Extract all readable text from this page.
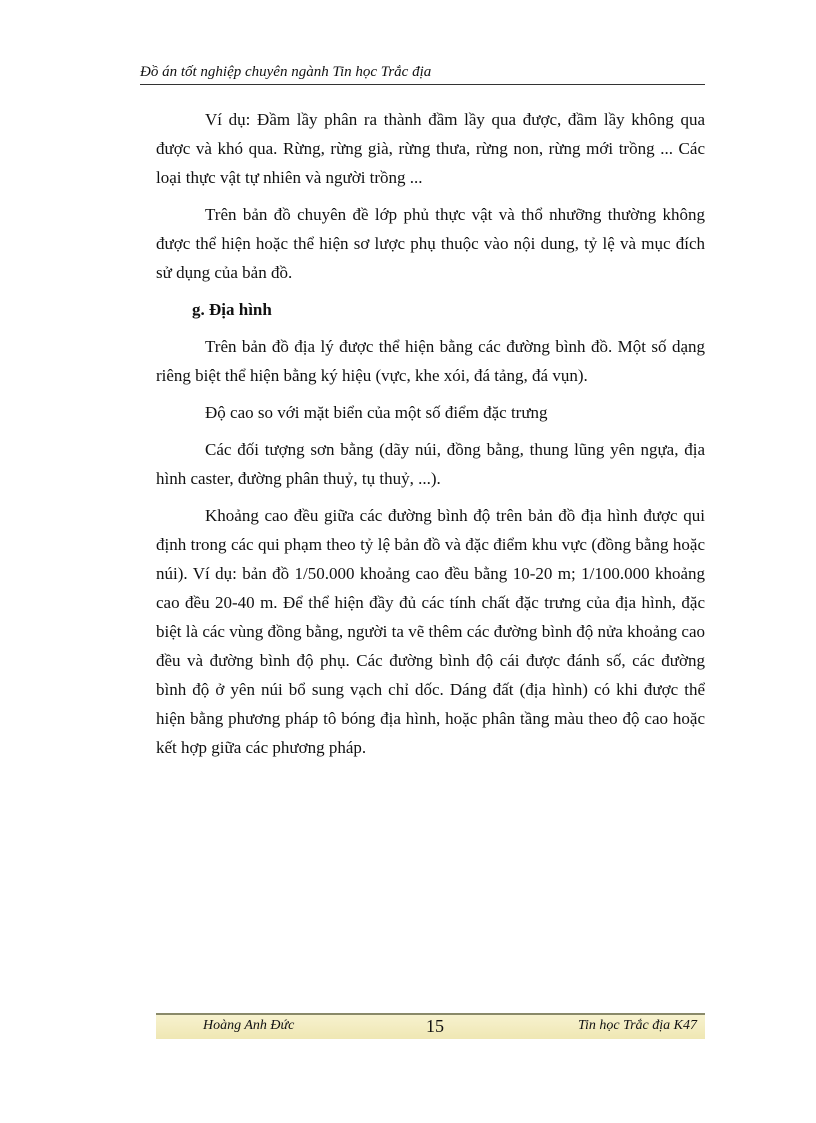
Đồ án tốt nghiệp chuyên ngành Tin học Trắc địa

Ví dụ: Đầm lầy phân ra thành đầm lầy qua được, đầm lầy không qua được và khó qua. Rừng, rừng già, rừng thưa, rừng non, rừng mới trồng ... Các loại thực vật tự nhiên và người trồng ...

Trên bản đồ chuyên đề lớp phủ thực vật và thổ nhưỡng thường không được thể hiện hoặc thể hiện sơ lược phụ thuộc vào nội dung, tỷ lệ và mục đích sử dụng của bản đồ.

g. Địa hình

Trên bản đồ địa lý được thể hiện bằng các đường bình đồ. Một số dạng riêng biệt thể hiện bằng ký hiệu (vực, khe xói, đá tảng, đá vụn).

Độ cao so với mặt biển của một số điểm đặc trưng

Các đối tượng sơn bằng (dãy núi, đồng bằng, thung lũng yên ngựa, địa hình caster, đường phân thuỷ, tụ thuỷ, ...).

Khoảng cao đều giữa các đường bình độ trên bản đồ địa hình được qui định trong các qui phạm theo tỷ lệ bản đồ và đặc điểm khu vực (đồng bằng hoặc núi). Ví dụ: bản đồ 1/50.000 khoảng cao đều bằng 10-20 m; 1/100.000 khoảng cao đều 20-40 m. Để thể hiện đầy đủ các tính chất đặc trưng của địa hình, đặc biệt là các vùng đồng bằng, người ta vẽ thêm các đường bình độ nửa khoảng cao đều và đường bình độ phụ. Các đường bình độ cái được đánh số, các đường bình độ ở yên núi bổ sung vạch chỉ dốc. Dáng đất (địa hình) có khi được thể hiện bằng phương pháp tô bóng địa hình, hoặc phân tầng màu theo độ cao hoặc kết hợp giữa các phương pháp.

Hoàng Anh Đức	15	Tin học Trắc địa K47
